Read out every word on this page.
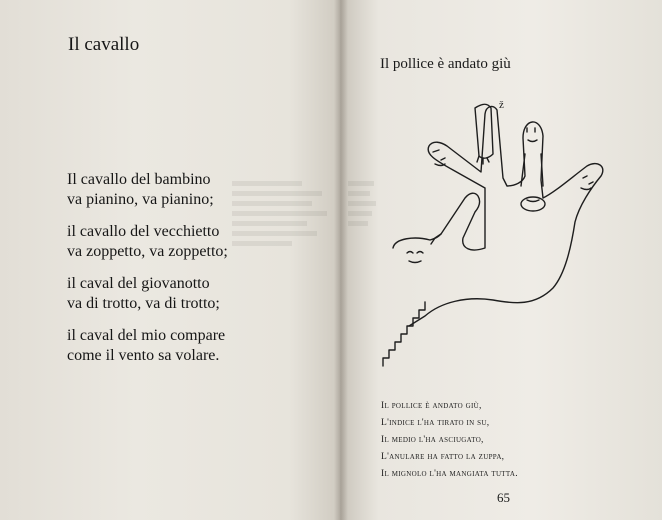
Il cavallo
Il cavallo del bambino
va pianino, va pianino;
il cavallo del vecchietto
va zoppetto, va zoppetto;
il caval del giovanotto
va di trotto, va di trotto;
il caval del mio compare
come il vento sa volare.
Il pollice è andato giù
ž
Il pollice è andato giù,
L'indice l'ha tirato in su,
Il medio l'ha asciugato,
L'anulare ha fatto la zuppa,
Il mignolo l'ha mangiata tutta.
65
